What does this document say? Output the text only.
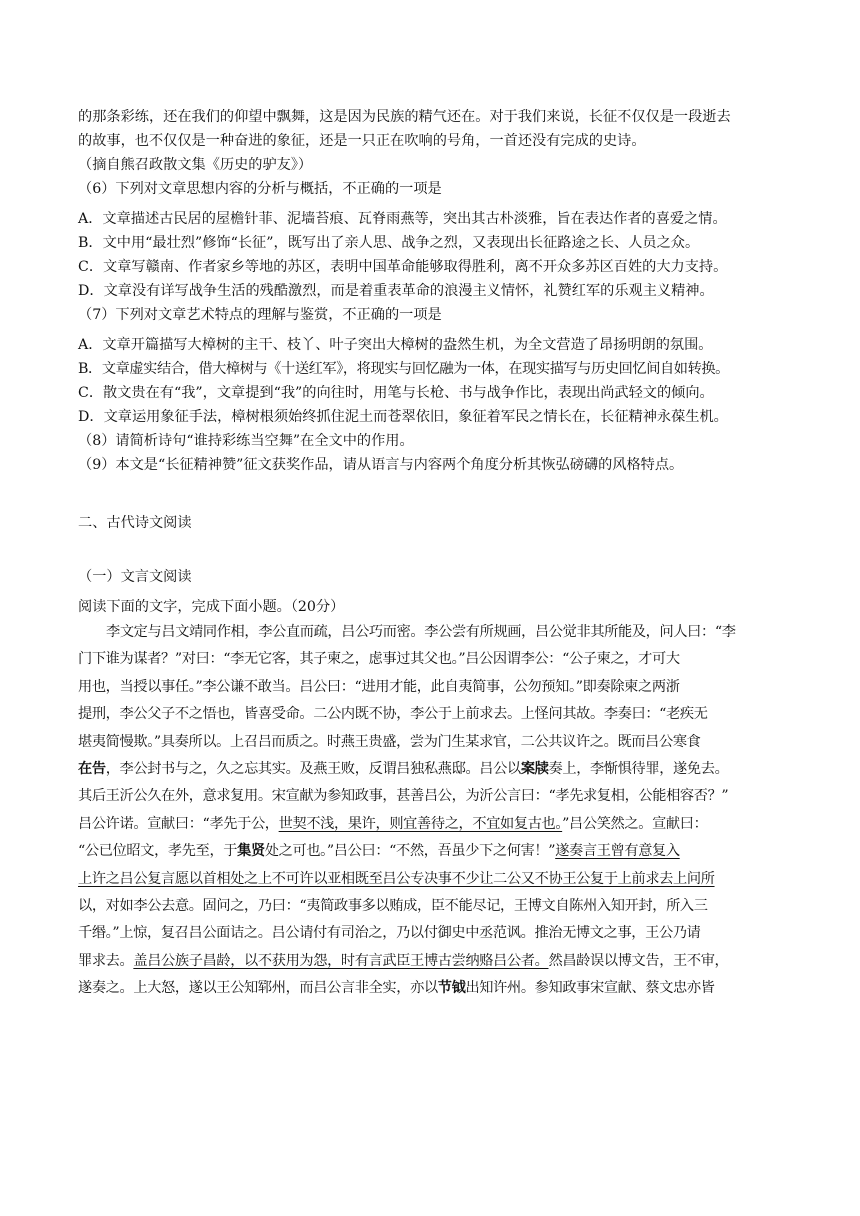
的那条彩练，还在我们的仰望中飘舞，这是因为民族的精气还在。对于我们来说，长征不仅仅是一段逝去
的故事，也不仅仅是一种奋进的象征，还是一只正在吹响的号角，一首还没有完成的史诗。
（摘自熊召政散文集《历史的驴友》）
（6）下列对文章思想内容的分析与概括，不正确的一项是
A．文章描述古民居的屋檐针菲、泥墙苔痕、瓦脊雨燕等，突出其古朴淡雅，旨在表达作者的喜爱之情。
B．文中用“最壮烈”修饰“长征”，既写出了亲人思、战争之烈，又表现出长征路途之长、人员之众。
C．文章写赣南、作者家乡等地的苏区，表明中国革命能够取得胜利，离不开众多苏区百姓的大力支持。
D．文章没有详写战争生活的残酷激烈，而是着重表革命的浪漫主义情怀，礼赞红军的乐观主义精神。
（7）下列对文章艺术特点的理解与鉴赏，不正确的一项是
A．文章开篇描写大樟树的主干、枝丫、叶子突出大樟树的盎然生机，为全文营造了昂扬明朗的氛围。
B．文章虚实结合，借大樟树与《十送红军》，将现实与回忆融为一体，在现实描写与历史回忆间自如转换。
C．散文贵在有“我”，文章提到“我”的向往时，用笔与长枪、书与战争作比，表现出尚武轻文的倾向。
D．文章运用象征手法，樟树根须始终抓住泥土而苍翠依旧，象征着军民之情长在，长征精神永葆生机。
（8）请简析诗句“谁持彩练当空舞”在全文中的作用。
（9）本文是“长征精神赞”征文获奖作品，请从语言与内容两个角度分析其恢弘磅礴的风格特点。
二、古代诗文阅读
（一）文言文阅读
阅读下面的文字，完成下面小题。（20分）
李文定与吕文靖同作相，李公直而疏，吕公巧而密。李公尝有所规画，吕公觉非其所能及，问人曰：“李
门下谁为谋者？”对曰：“李无它客，其子柬之，虑事过其父也。”吕公因谓李公：“公子柬之，才可大
用也，当授以事任。”李公谦不敢当。吕公曰：“进用才能，此自夷简事，公勿预知。”即奏除柬之两浙
提刑，李公父子不之悟也，皆喜受命。二公内既不协，李公于上前求去。上怪问其故。李奏曰：“老疾无
堪夷简慢欺。”具奏所以。上召吕而质之。时燕王贵盛，尝为门生某求官，二公共议许之。既而吕公寒食
在告，李公封书与之，久之忘其实。及燕王败，反谓吕独私燕邸。吕公以案牍奏上，李惭惧待罪，遂免去。
其后王沂公久在外，意求复用。宋宣献为参知政事，甚善吕公，为沂公言曰：“孝先求复相，公能相容否？”
吕公许诺。宣献曰：“孝先于公，世契不浅，果许，则宜善待之，不宜如复古也。”吕公笑然之。宣献曰：
“公已位昭文，孝先至，于集贤处之可也。”吕公曰：“不然，吾虽少下之何害！”遂奏言王曾有意复入
上许之吕公复言愿以首相处之上不可许以亚相既至吕公专决事不少让二公又不协王公复于上前求去上问所
以，对如李公去意。固问之，乃曰：“夷简政事多以贿成，臣不能尽记，王博文自陈州入知开封，所入三
千缗。”上惊，复召吕公面诘之。吕公请付有司治之，乃以付御史中丞范讽。推治无博文之事，王公乃请
罪求去。盖吕公族子昌龄，以不获用为怨，时有言武臣王博古尝纳赂吕公者。然昌龄误以博文告，王不审，
遂奏之。上大怒，遂以王公知郓州，而吕公言非全实，亦以节钺出知许州。参知政事宋宣献、蔡文忠亦皆
